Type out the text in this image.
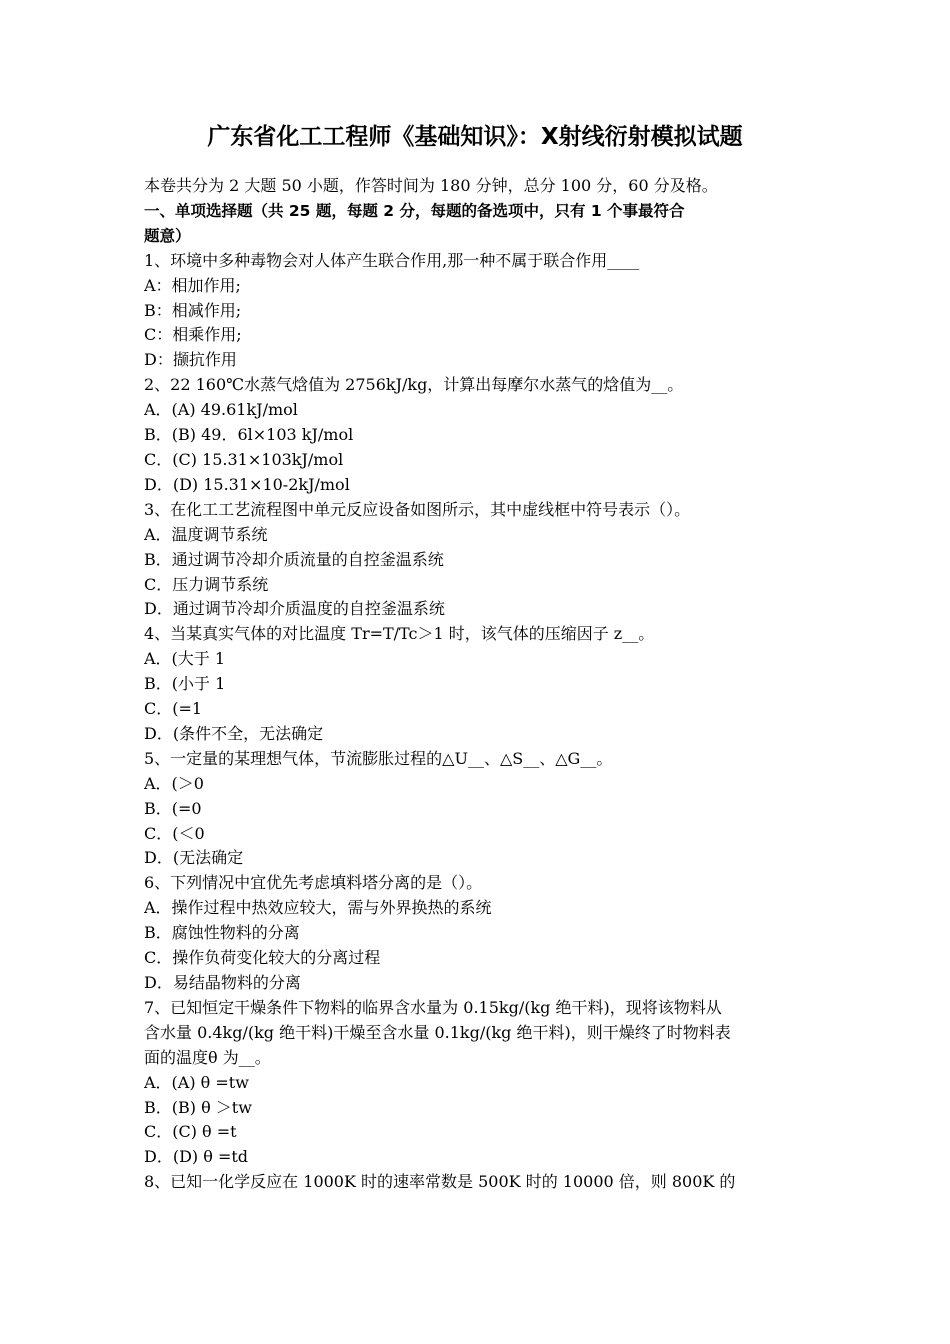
广东省化工工程师《基础知识》：X射线衍射模拟试题
本卷共分为 2 大题 50 小题，作答时间为 180 分钟，总分 100 分，60 分及格。
一、单项选择题（共 25 题，每题 2 分，每题的备选项中，只有 1 个事最符合
题意）
1、环境中多种毒物会对人体产生联合作用,那一种不属于联合作用____
A：相加作用;
B：相减作用;
C：相乘作用;
D：撷抗作用
2、22 160℃水蒸气焓值为 2756kJ/kg，计算出每摩尔水蒸气的焓值为__。
A．(A) 49.61kJ/mol
B．(B) 49．6l×103 kJ/mol
C．(C) 15.31×103kJ/mol
D．(D) 15.31×10-2kJ/mol
3、在化工工艺流程图中单元反应设备如图所示，其中虚线框中符号表示（）。
A．温度调节系统
B．通过调节冷却介质流量的自控釜温系统
C．压力调节系统
D．通过调节冷却介质温度的自控釜温系统
4、当某真实气体的对比温度 Tr=T/Tc＞1 时，该气体的压缩因子 z__。
A．(大于 1
B．(小于 1
C．(=1
D．(条件不全，无法确定
5、一定量的某理想气体，节流膨胀过程的△U__、△S__、△G__。
A．(＞0
B．(=0
C．(＜0
D．(无法确定
6、下列情况中宜优先考虑填料塔分离的是（）。
A．操作过程中热效应较大，需与外界换热的系统
B．腐蚀性物料的分离
C．操作负荷变化较大的分离过程
D．易结晶物料的分离
7、已知恒定干燥条件下物料的临界含水量为 0.15kg/(kg 绝干料)，现将该物料从
含水量 0.4kg/(kg 绝干料)干燥至含水量 0.1kg/(kg 绝干料)，则干燥终了时物料表
面的温度θ 为__。
A．(A) θ =tw
B．(B) θ ＞tw
C．(C) θ =t
D．(D) θ =td
8、已知一化学反应在 1000K 时的速率常数是 500K 时的 10000 倍，则 800K 的
